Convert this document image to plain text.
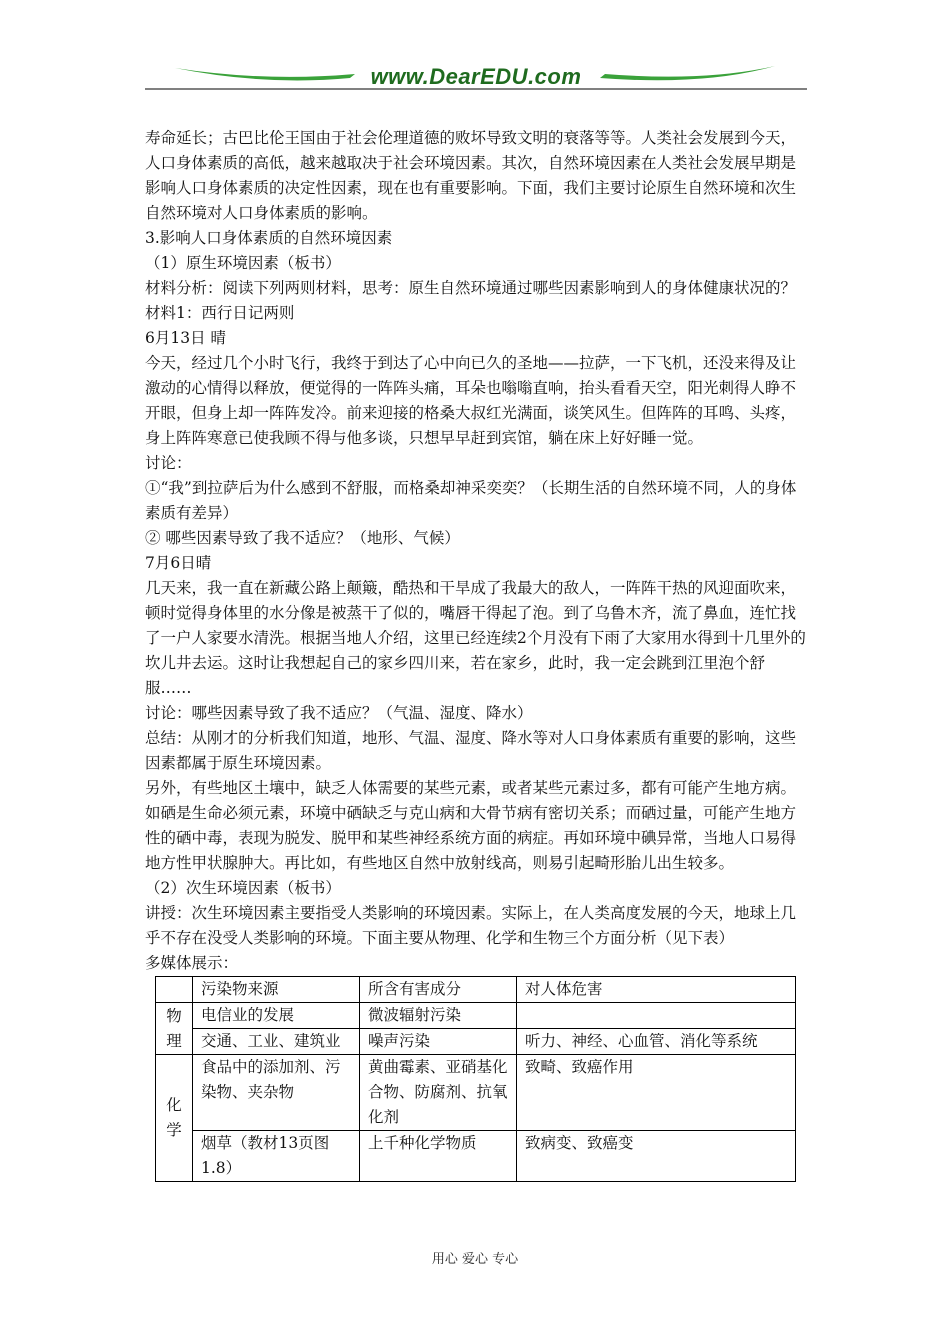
www.DearEDU.com

寿命延长；古巴比伦王国由于社会伦理道德的败坏导致文明的衰落等等。人类社会发展到今天，人口身体素质的高低，越来越取决于社会环境因素。其次，自然环境因素在人类社会发展早期是影响人口身体素质的决定性因素，现在也有重要影响。下面，我们主要讨论原生自然环境和次生自然环境对人口身体素质的影响。

3.影响人口身体素质的自然环境因素

（1）原生环境因素（板书）

材料分析：阅读下列两则材料，思考：原生自然环境通过哪些因素影响到人的身体健康状况的？

材料1：西行日记两则

6月13日 晴

今天，经过几个小时飞行，我终于到达了心中向已久的圣地——拉萨，一下飞机，还没来得及让激动的心情得以释放，便觉得的一阵阵头痛，耳朵也嗡嗡直响，抬头看看天空，阳光刺得人睁不开眼，但身上却一阵阵发冷。前来迎接的格桑大叔红光满面，谈笑风生。但阵阵的耳鸣、头疼，身上阵阵寒意已使我顾不得与他多谈，只想早早赶到宾馆，躺在床上好好睡一觉。

讨论：

①“我”到拉萨后为什么感到不舒服，而格桑却神采奕奕？（长期生活的自然环境不同，人的身体素质有差异）

② 哪些因素导致了我不适应？（地形、气候）

7月6日晴

几天来，我一直在新藏公路上颠簸，酷热和干旱成了我最大的敌人，一阵阵干热的风迎面吹来，顿时觉得身体里的水分像是被蒸干了似的，嘴唇干得起了泡。到了乌鲁木齐，流了鼻血，连忙找了一户人家要水清洗。根据当地人介绍，这里已经连续2个月没有下雨了大家用水得到十几里外的坎儿井去运。这时让我想起自己的家乡四川来，若在家乡，此时，我一定会跳到江里泡个舒服……

讨论：哪些因素导致了我不适应？（气温、湿度、降水）

总结：从刚才的分析我们知道，地形、气温、湿度、降水等对人口身体素质有重要的影响，这些因素都属于原生环境因素。

另外，有些地区土壤中，缺乏人体需要的某些元素，或者某些元素过多，都有可能产生地方病。如硒是生命必须元素，环境中硒缺乏与克山病和大骨节病有密切关系；而硒过量，可能产生地方性的硒中毒，表现为脱发、脱甲和某些神经系统方面的病症。再如环境中碘异常，当地人口易得地方性甲状腺肿大。再比如，有些地区自然中放射线高，则易引起畸形胎儿出生较多。

（2）次生环境因素（板书）

讲授：次生环境因素主要指受人类影响的环境因素。实际上，在人类高度发展的今天，地球上几乎不存在没受人类影响的环境。下面主要从物理、化学和生物三个方面分析（见下表）

多媒体展示：

	污染物来源	所含有害成分	对人体危害
物理	电信业的发展	微波辐射污染	
	交通、工业、建筑业	噪声污染	听力、神经、心血管、消化等系统
化学	食品中的添加剂、污染物、夹杂物	黄曲霉素、亚硝基化合物、防腐剂、抗氧化剂	致畸、致癌作用
	烟草（教材13页图1.8）	上千种化学物质	致病变、致癌变
用心 爱心 专心
